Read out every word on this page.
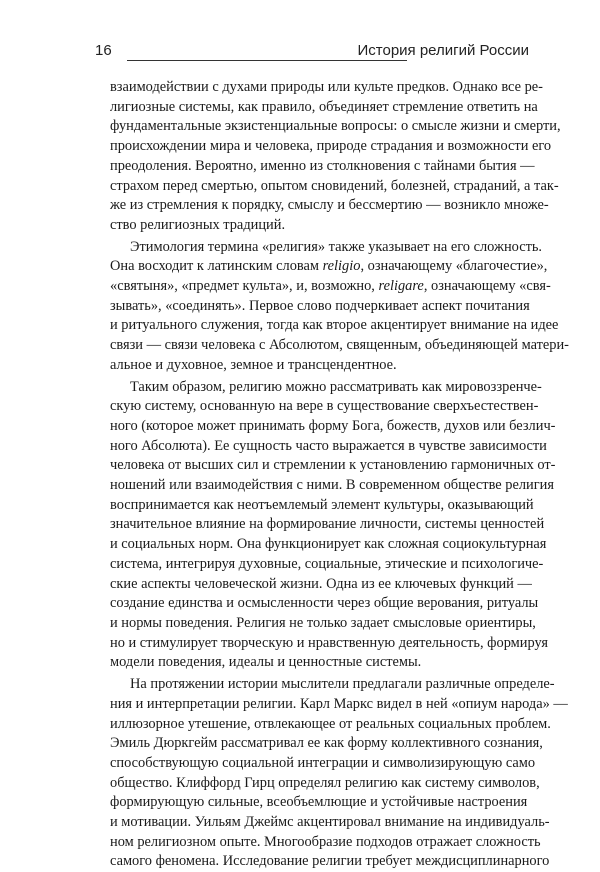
16	История религий России
взаимодействии с духами природы или культе предков. Однако все ре-
лигиозные системы, как правило, объединяет стремление ответить на
фундаментальные экзистенциальные вопросы: о смысле жизни и смерти,
происхождении мира и человека, природе страдания и возможности его
преодоления. Вероятно, именно из столкновения с тайнами бытия —
страхом перед смертью, опытом сновидений, болезней, страданий, а так-
же из стремления к порядку, смыслу и бессмертию — возникло множе-
ство религиозных традиций.
Этимология термина «религия» также указывает на его сложность.
Она восходит к латинским словам religio, означающему «благочестие»,
«святыня», «предмет культа», и, возможно, religare, означающему «свя-
зывать», «соединять». Первое слово подчеркивает аспект почитания
и ритуального служения, тогда как второе акцентирует внимание на идее
связи — связи человека с Абсолютом, священным, объединяющей матери-
альное и духовное, земное и трансцендентное.
Таким образом, религию можно рассматривать как мировоззренче-
скую систему, основанную на вере в существование сверхъестествен-
ного (которое может принимать форму Бога, божеств, духов или безлич-
ного Абсолюта). Ее сущность часто выражается в чувстве зависимости
человека от высших сил и стремлении к установлению гармоничных от-
ношений или взаимодействия с ними. В современном обществе религия
воспринимается как неотъемлемый элемент культуры, оказывающий
значительное влияние на формирование личности, системы ценностей
и социальных норм. Она функционирует как сложная социокультурная
система, интегрируя духовные, социальные, этические и психологиче-
ские аспекты человеческой жизни. Одна из ее ключевых функций —
создание единства и осмысленности через общие верования, ритуалы
и нормы поведения. Религия не только задает смысловые ориентиры,
но и стимулирует творческую и нравственную деятельность, формируя
модели поведения, идеалы и ценностные системы.
На протяжении истории мыслители предлагали различные определе-
ния и интерпретации религии. Карл Маркс видел в ней «опиум народа» —
иллюзорное утешение, отвлекающее от реальных социальных проблем.
Эмиль Дюркгейм рассматривал ее как форму коллективного сознания,
способствующую социальной интеграции и символизирующую само
общество. Клиффорд Гирц определял религию как систему символов,
формирующую сильные, всеобъемлющие и устойчивые настроения
и мотивации. Уильям Джеймс акцентировал внимание на индивидуаль-
ном религиозном опыте. Многообразие подходов отражает сложность
самого феномена. Исследование религии требует междисциплинарного
